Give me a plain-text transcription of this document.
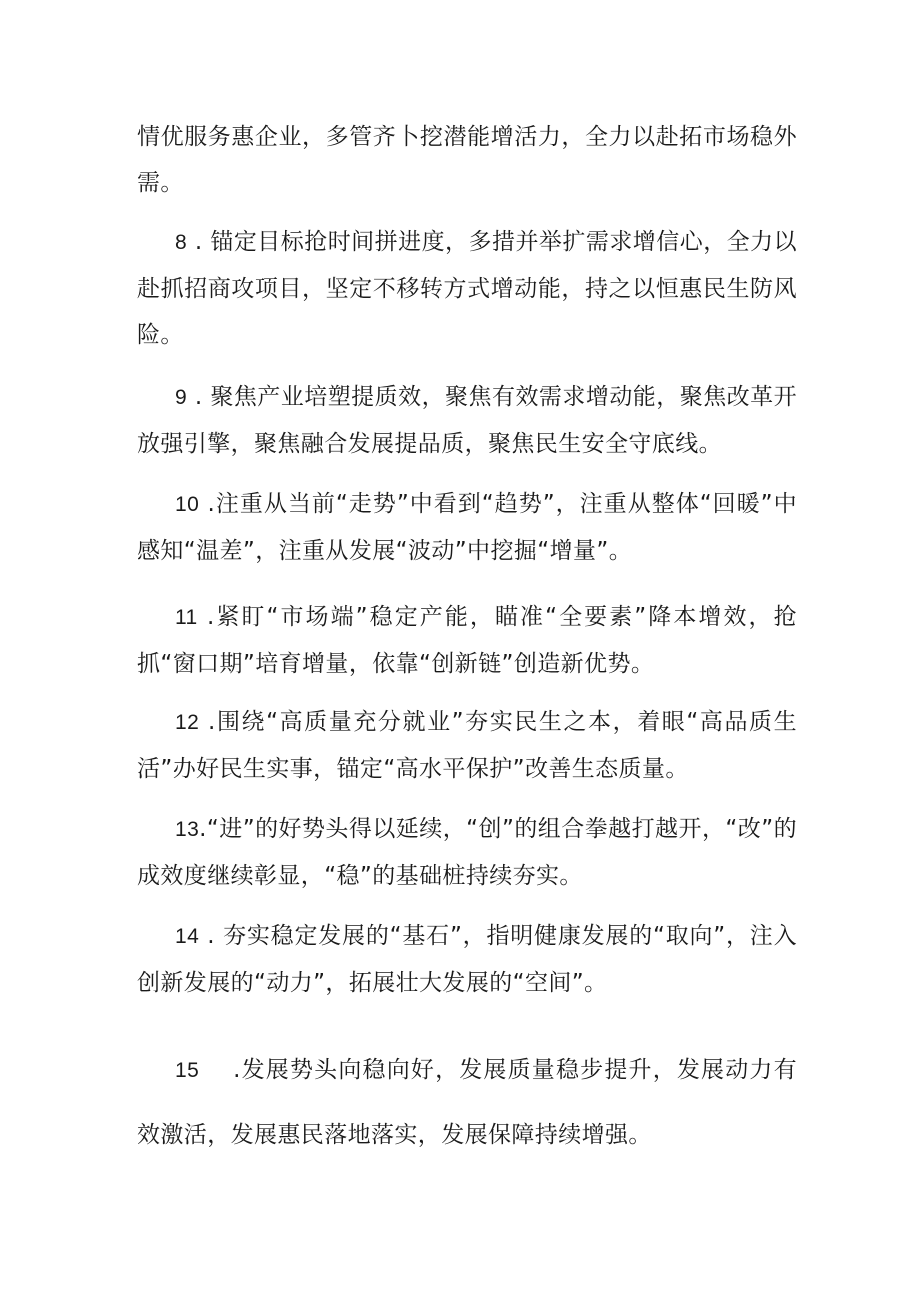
情优服务惠企业，多管齐卜挖潜能增活力，全力以赴拓市场稳外需。

8 . 锚定目标抢时间拼进度，多措并举扩需求增信心，全力以赴抓招商攻项目，坚定不移转方式增动能，持之以恒惠民生防风险。

9 . 聚焦产业培塑提质效，聚焦有效需求增动能，聚焦改革开放强引擎，聚焦融合发展提品质，聚焦民生安全守底线。

10 .注重从当前“走势”中看到“趋势”，注重从整体“回暖”中感知“温差”，注重从发展“波动”中挖掘“增量”。

11 .紧盯“市场端”稳定产能，瞄准“全要素”降本增效，抢抓“窗口期”培育增量，依靠“创新链”创造新优势。

12 .围绕“高质量充分就业”夯实民生之本，着眼“高品质生活”办好民生实事，锚定“高水平保护”改善生态质量。

13.“进”的好势头得以延续，“创”的组合拳越打越开，“改”的成效度继续彰显，“稳”的基础桩持续夯实。

14 . 夯实稳定发展的“基石”，指明健康发展的“取向”，注入创新发展的“动力”，拓展壮大发展的“空间”。

15    .发展势头向稳向好，发展质量稳步提升，发展动力有效激活，发展惠民落地落实，发展保障持续增强。
